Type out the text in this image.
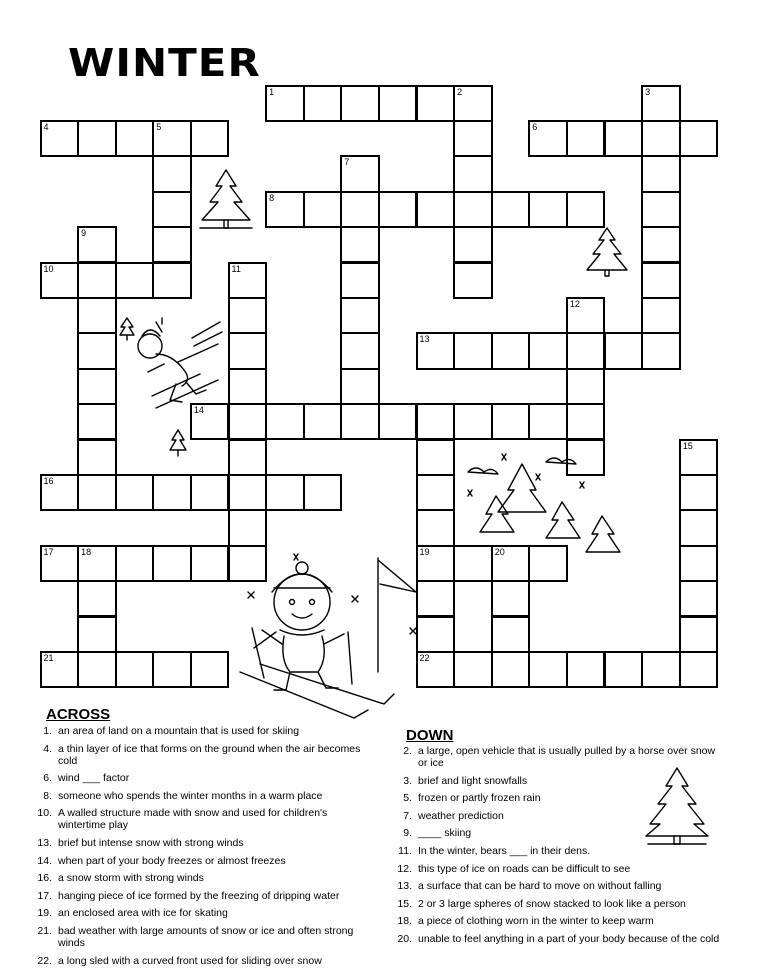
WINTER
1	2	3
4	5	6
7
8
9
10	11
12
13
14
15
16
17	18	19
22
20
21
ACROSS
1. an area of land on a mountain that is used for skiing
4. a thin layer of ice that forms on the ground when the air becomes cold
6. wind ___ factor
8. someone who spends the winter months in a warm place
10. A walled structure made with snow and used for children's wintertime play
13. brief but intense snow with strong winds
14. when part of your body freezes or almost freezes
16. a snow storm with strong winds
17. hanging piece of ice formed by the freezing of dripping water
19. an enclosed area with ice for skating
21. bad weather with large amounts of snow or ice and often strong winds
22. a long sled with a curved front used for sliding over snow
DOWN
2. a large, open vehicle that is usually pulled by a horse over snow or ice
3. brief and light snowfalls
5. frozen or partly frozen rain
7. weather prediction
9. ____ skiing
11. In the winter, bears ___ in their dens.
12. this type of ice on roads can be difficult to see
13. a surface that can be hard to move on without falling
15. 2 or 3 large spheres of snow stacked to look like a person
18. a piece of clothing worn in the winter to keep warm
20. unable to feel anything in a part of your body because of the cold
